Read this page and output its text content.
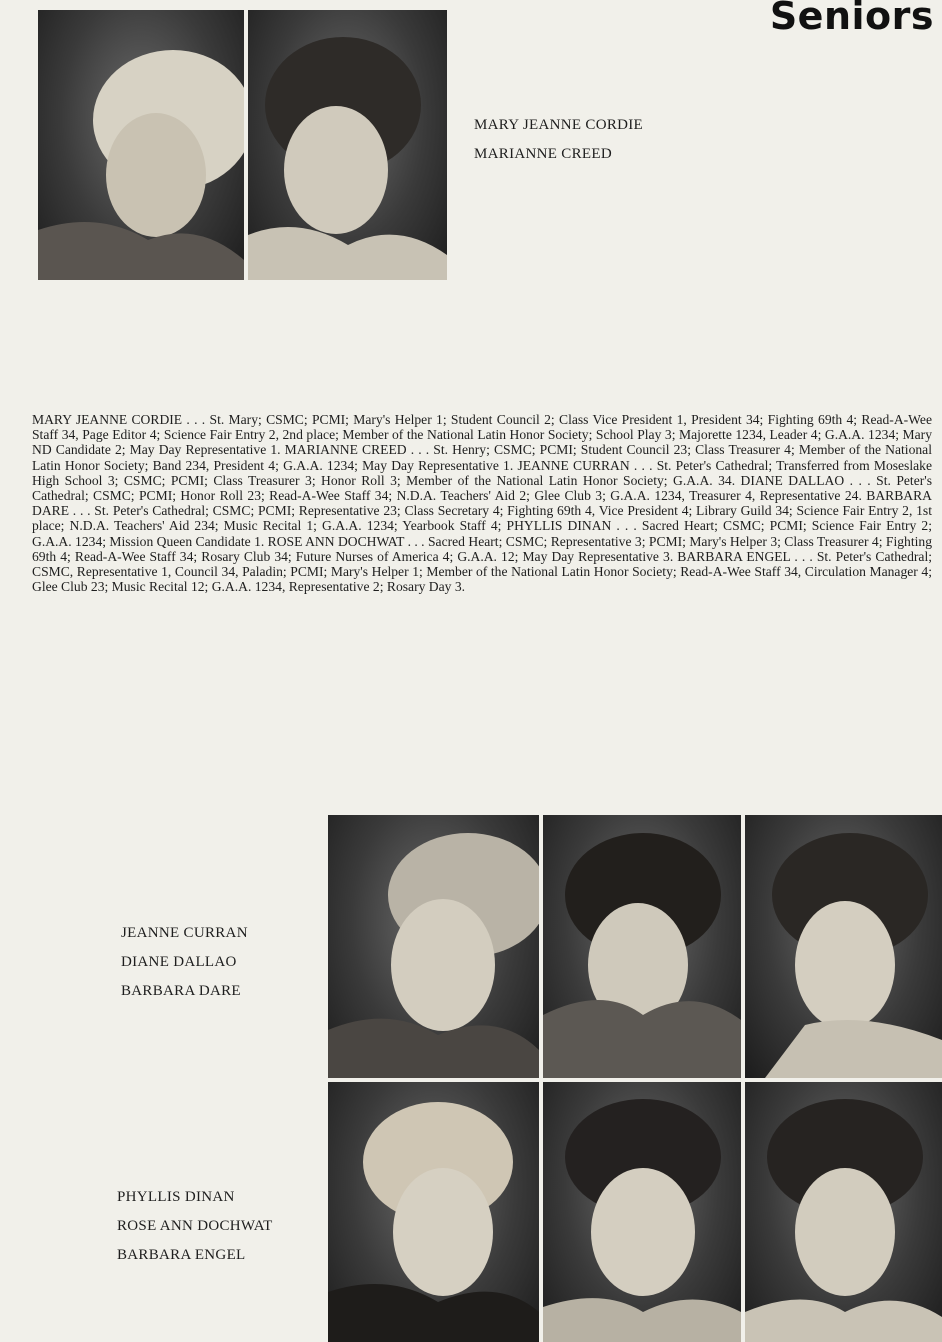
Seniors
MARY JEANNE CORDIE
MARIANNE CREED

MARY JEANNE CORDIE . . . St. Mary; CSMC; PCMI; Mary's Helper 1; Student Council 2; Class Vice President 1, President 34; Fighting 69th 4; Read-A-Wee Staff 34, Page Editor 4; Science Fair Entry 2, 2nd place; Member of the National Latin Honor Society; School Play 3; Majorette 1234, Leader 4; G.A.A. 1234; Mary ND Candidate 2; May Day Representative 1. MARIANNE CREED . . . St. Henry; CSMC; PCMI; Student Council 23; Class Treasurer 4; Member of the National Latin Honor Society; Band 234, President 4; G.A.A. 1234; May Day Representative 1. JEANNE CURRAN . . . St. Peter's Cathedral; Transferred from Moseslake High School 3; CSMC; PCMI; Class Treasurer 3; Honor Roll 3; Member of the National Latin Honor Society; G.A.A. 34. DIANE DALLAO . . . St. Peter's Cathedral; CSMC; PCMI; Honor Roll 23; Read-A-Wee Staff 34; N.D.A. Teachers' Aid 2; Glee Club 3; G.A.A. 1234, Treasurer 4, Representative 24. BARBARA DARE . . . St. Peter's Cathedral; CSMC; PCMI; Representative 23; Class Secretary 4; Fighting 69th 4, Vice President 4; Library Guild 34; Science Fair Entry 2, 1st place; N.D.A. Teachers' Aid 234; Music Recital 1; G.A.A. 1234; Yearbook Staff 4; PHYLLIS DINAN . . . Sacred Heart; CSMC; PCMI; Science Fair Entry 2; G.A.A. 1234; Mission Queen Candidate 1. ROSE ANN DOCHWAT . . . Sacred Heart; CSMC; Representative 3; PCMI; Mary's Helper 3; Class Treasurer 4; Fighting 69th 4; Read-A-Wee Staff 34; Rosary Club 34; Future Nurses of America 4; G.A.A. 12; May Day Representative 3. BARBARA ENGEL . . . St. Peter's Cathedral; CSMC, Representative 1, Council 34, Paladin; PCMI; Mary's Helper 1; Member of the National Latin Honor Society; Read-A-Wee Staff 34, Circulation Manager 4; Glee Club 23; Music Recital 12; G.A.A. 1234, Representative 2; Rosary Day 3.

JEANNE CURRAN
DIANE DALLAO
BARBARA DARE
PHYLLIS DINAN
ROSE ANN DOCHWAT
BARBARA ENGEL
